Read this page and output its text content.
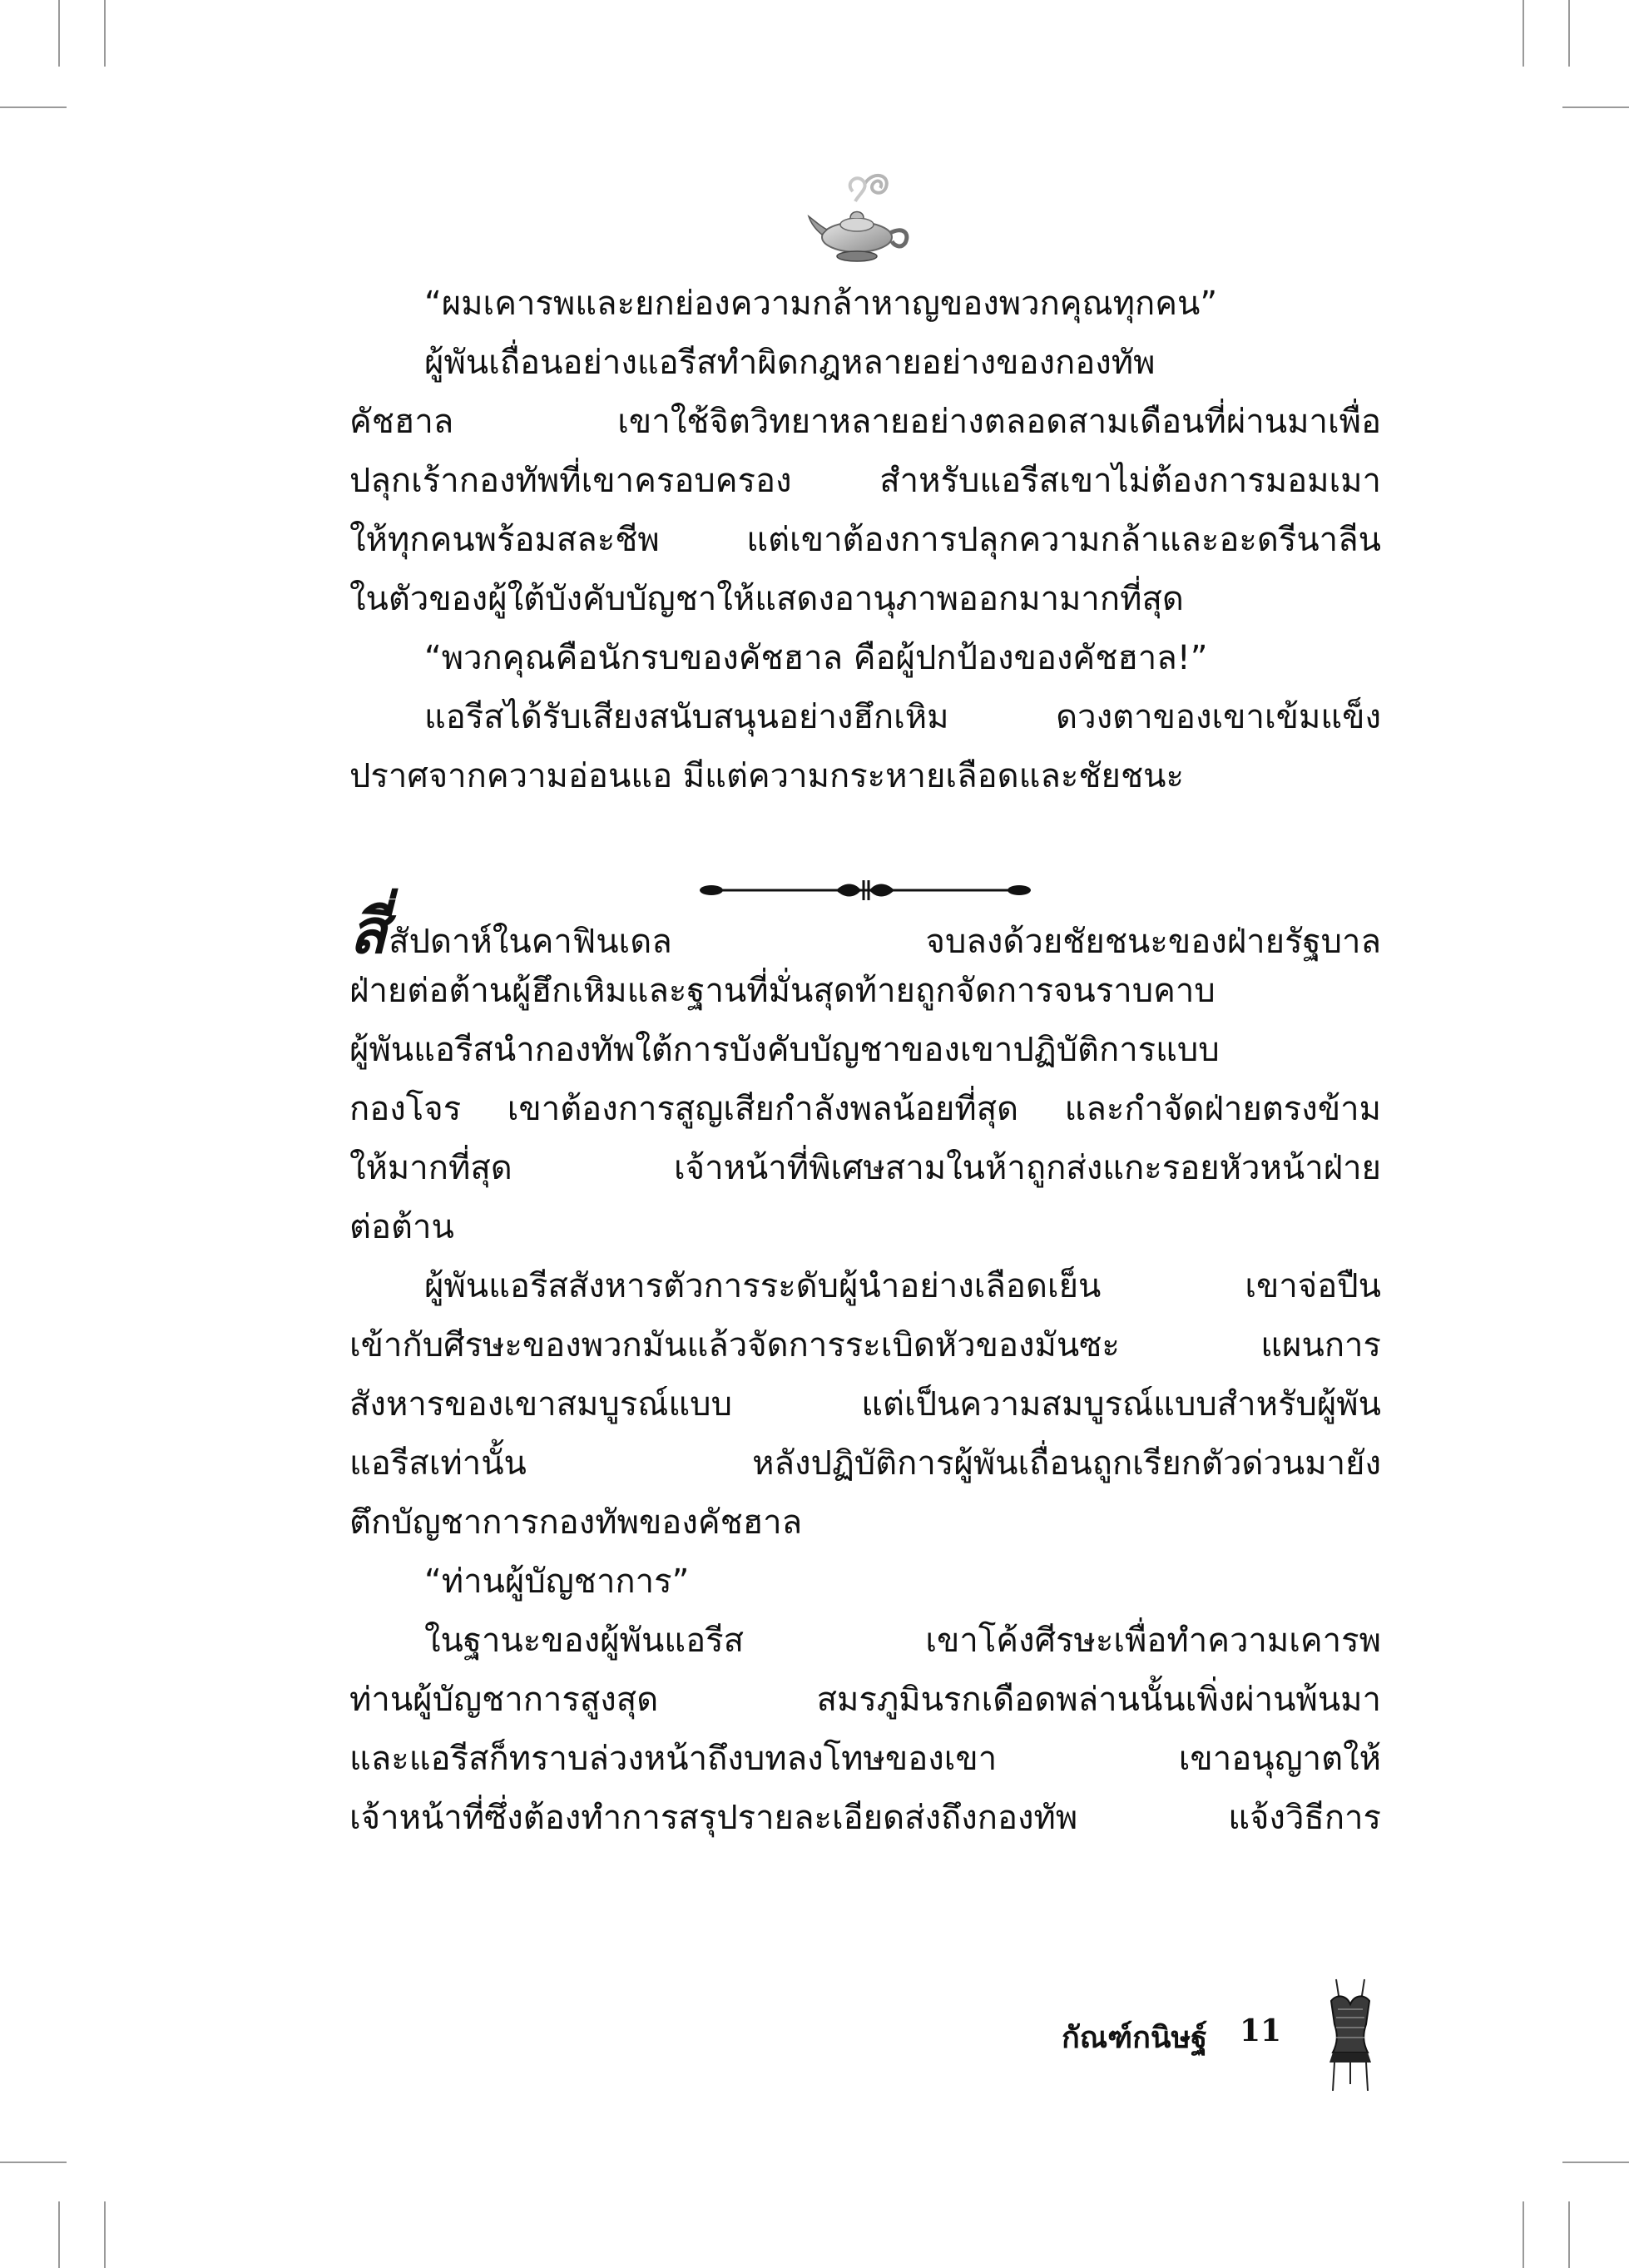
“ผมเคารพและยกย่องความกล้าหาญของพวกคุณทุกคน”
ผู้พันเถื่อนอย่างแอรีสทำผิดกฎหลายอย่างของกองทัพ
คัชฮาล เขาใช้จิตวิทยาหลายอย่างตลอดสามเดือนที่ผ่านมาเพื่อ
ปลุกเร้ากองทัพที่เขาครอบครอง สำหรับแอรีสเขาไม่ต้องการมอมเมา
ให้ทุกคนพร้อมสละชีพ แต่เขาต้องการปลุกความกล้าและอะดรีนาลีน
ในตัวของผู้ใต้บังคับบัญชาให้แสดงอานุภาพออกมามากที่สุด
“พวกคุณคือนักรบของคัชฮาล คือผู้ปกป้องของคัชฮาล!”
แอรีสได้รับเสียงสนับสนุนอย่างฮึกเหิม ดวงตาของเขาเข้มแข็ง
ปราศจากความอ่อนแอ มีแต่ความกระหายเลือดและชัยชนะ
สี่สัปดาห์ในคาฟินเดล จบลงด้วยชัยชนะของฝ่ายรัฐบาล
ฝ่ายต่อต้านผู้ฮึกเหิมและฐานที่มั่นสุดท้ายถูกจัดการจนราบคาบ
ผู้พันแอรีสนำกองทัพใต้การบังคับบัญชาของเขาปฏิบัติการแบบ
กองโจร เขาต้องการสูญเสียกำลังพลน้อยที่สุด และกำจัดฝ่ายตรงข้าม
ให้มากที่สุด เจ้าหน้าที่พิเศษสามในห้าถูกส่งแกะรอยหัวหน้าฝ่าย
ต่อต้าน
ผู้พันแอรีสสังหารตัวการระดับผู้นำอย่างเลือดเย็น เขาจ่อปืน
เข้ากับศีรษะของพวกมันแล้วจัดการระเบิดหัวของมันซะ แผนการ
สังหารของเขาสมบูรณ์แบบ แต่เป็นความสมบูรณ์แบบสำหรับผู้พัน
แอรีสเท่านั้น หลังปฏิบัติการผู้พันเถื่อนถูกเรียกตัวด่วนมายัง
ตึกบัญชาการกองทัพของคัชฮาล
“ท่านผู้บัญชาการ”
ในฐานะของผู้พันแอรีส เขาโค้งศีรษะเพื่อทำความเคารพ
ท่านผู้บัญชาการสูงสุด สมรภูมินรกเดือดพล่านนั้นเพิ่งผ่านพ้นมา
และแอรีสก็ทราบล่วงหน้าถึงบทลงโทษของเขา เขาอนุญาตให้
เจ้าหน้าที่ซึ่งต้องทำการสรุปรายละเอียดส่งถึงกองทัพ แจ้งวิธีการ
กัณฑ์กนิษฐ์ 11
